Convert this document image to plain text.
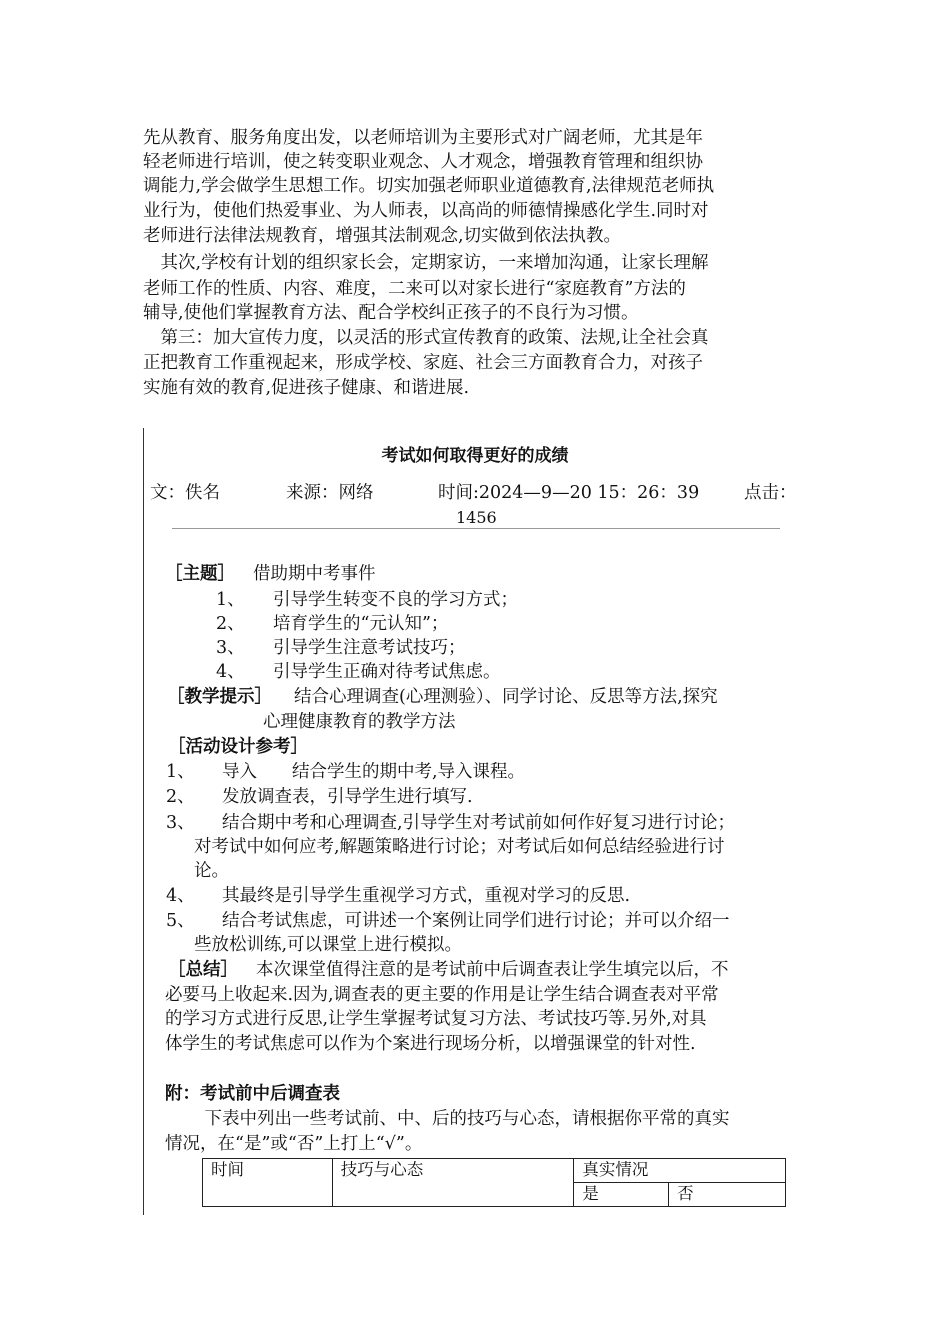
先从教育、服务角度出发，以老师培训为主要形式对广阔老师，尤其是年
轻老师进行培训，使之转变职业观念、人才观念，增强教育管理和组织协
调能力,学会做学生思想工作。切实加强老师职业道德教育,法律规范老师执
业行为，使他们热爱事业、为人师表，以高尚的师德情操感化学生.同时对
老师进行法律法规教育，增强其法制观念,切实做到依法执教。
　其次,学校有计划的组织家长会，定期家访，一来增加沟通，让家长理解
老师工作的性质、内容、难度，二来可以对家长进行“家庭教育”方法的
辅导,使他们掌握教育方法、配合学校纠正孩子的不良行为习惯。
　第三：加大宣传力度，以灵活的形式宣传教育的政策、法规,让全社会真
正把教育工作重视起来，形成学校、家庭、社会三方面教育合力，对孩子
实施有效的教育,促进孩子健康、和谐进展.
考试如何取得更好的成绩
文：佚名	来源：网络	时间:2024—9—20 15：26：39	点击：
1456
［主题］ 借助期中考事件
1、 引导学生转变不良的学习方式；
2、 培育学生的“元认知”；
3、 引导学生注意考试技巧；
4、 引导学生正确对待考试焦虑。
［教学提示］ 结合心理调查(心理测验）、同学讨论、反思等方法,探究
心理健康教育的教学方法
［活动设计参考］
1、 导入　　结合学生的期中考,导入课程。
2、 发放调查表，引导学生进行填写.
3、 结合期中考和心理调查,引导学生对考试前如何作好复习进行讨论；
对考试中如何应考,解题策略进行讨论；对考试后如何总结经验进行讨
论。
4、 其最终是引导学生重视学习方式，重视对学习的反思.
5、 结合考试焦虑，可讲述一个案例让同学们进行讨论；并可以介绍一
些放松训练,可以课堂上进行模拟。
［总结］ 本次课堂值得注意的是考试前中后调查表让学生填完以后，不
必要马上收起来.因为,调查表的更主要的作用是让学生结合调查表对平常
的学习方式进行反思,让学生掌握考试复习方法、考试技巧等.另外,对具
体学生的考试焦虑可以作为个案进行现场分析，以增强课堂的针对性.
附：考试前中后调查表
　下表中列出一些考试前、中、后的技巧与心态，请根据你平常的真实
情况，在“是”或“否”上打上“√”。
时间	技巧与心态	真实情况	
		是	否
